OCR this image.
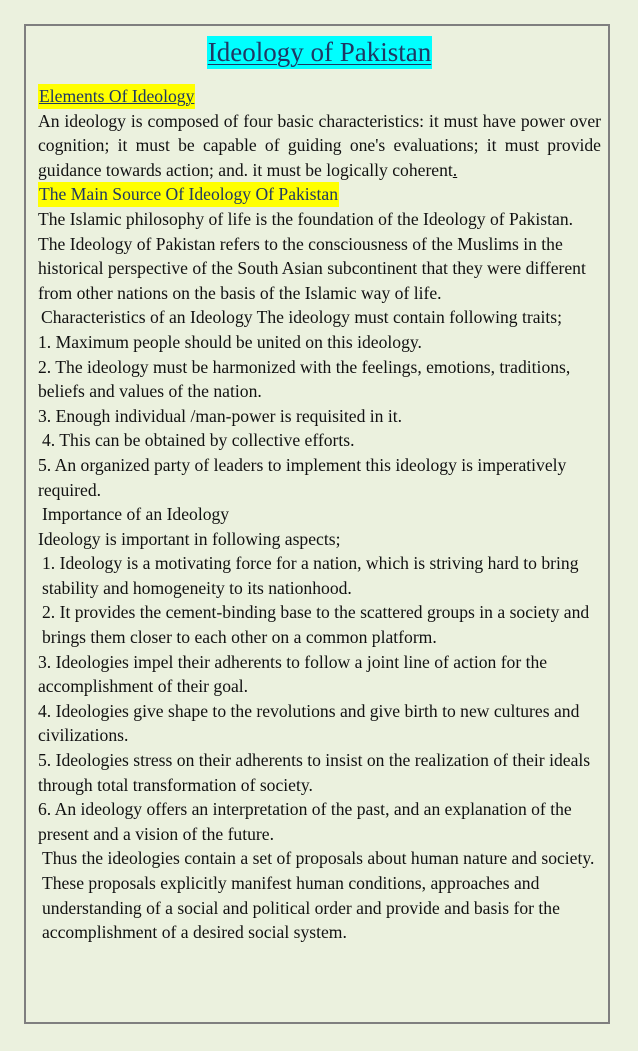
Ideology of Pakistan
Elements Of Ideology

An ideology is composed of four basic characteristics: it must have power over cognition; it must be capable of guiding one's evaluations; it must provide guidance towards action; and. it must be logically coherent.

The Main Source Of Ideology Of Pakistan

The Islamic philosophy of life is the foundation of the Ideology of Pakistan. The Ideology of Pakistan refers to the consciousness of the Muslims in the historical perspective of the South Asian subcontinent that they were different from other nations on the basis of the Islamic way of life.

Characteristics of an Ideology The ideology must contain following traits;

1. Maximum people should be united on this ideology.

2. The ideology must be harmonized with the feelings, emotions, traditions, beliefs and values of the nation.

3. Enough individual /man-power is requisited in it.

4. This can be obtained by collective efforts.

5. An organized party of leaders to implement this ideology is imperatively required.

Importance of an Ideology

Ideology is important in following aspects;

1. Ideology is a motivating force for a nation, which is striving hard to bring stability and homogeneity to its nationhood.

2. It provides the cement-binding base to the scattered groups in a society and brings them closer to each other on a common platform.

3. Ideologies impel their adherents to follow a joint line of action for the accomplishment of their goal.

4. Ideologies give shape to the revolutions and give birth to new cultures and civilizations.

5. Ideologies stress on their adherents to insist on the realization of their ideals through total transformation of society.

6. An ideology offers an interpretation of the past, and an explanation of the present and a vision of the future.

Thus the ideologies contain a set of proposals about human nature and society. These proposals explicitly manifest human conditions, approaches and understanding of a social and political order and provide and basis for the accomplishment of a desired social system.
